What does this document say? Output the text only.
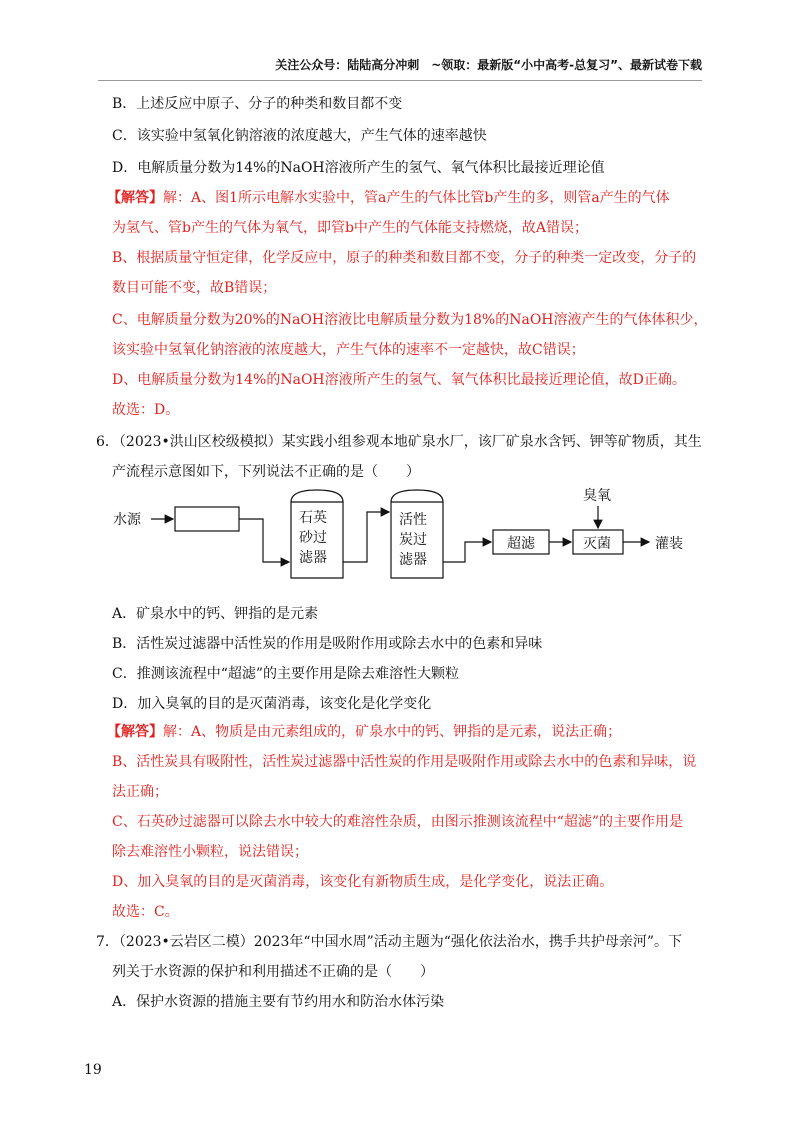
关注公众号：陆陆高分冲刺　~领取：最新版“小中高考-总复习”、最新试卷下载
B．上述反应中原子、分子的种类和数目都不变
C．该实验中氢氧化钠溶液的浓度越大，产生气体的速率越快
D．电解质量分数为14%的NaOH溶液所产生的氢气、氧气体积比最接近理论值
【解答】解：A、图1所示电解水实验中，管a产生的气体比管b产生的多，则管a产生的气体
为氢气、管b产生的气体为氧气，即管b中产生的气体能支持燃烧，故A错误；
B、根据质量守恒定律，化学反应中，原子的种类和数目都不变，分子的种类一定改变，分子的
数目可能不变，故B错误；
C、电解质量分数为20%的NaOH溶液比电解质量分数为18%的NaOH溶液产生的气体体积少，
该实验中氢氧化钠溶液的浓度越大，产生气体的速率不一定越快，故C错误；
D、电解质量分数为14%的NaOH溶液所产生的氢气、氧气体积比最接近理论值，故D正确。
故选：D。
6．（2023•洪山区校级模拟）某实践小组参观本地矿泉水厂，该厂矿泉水含钙、钾等矿物质，其生
产流程示意图如下，下列说法不正确的是（　　）
水源	石英
砂过
滤器
活性
炭过
滤器
超滤	灭菌
臭氧
灌装
A．矿泉水中的钙、钾指的是元素
B．活性炭过滤器中活性炭的作用是吸附作用或除去水中的色素和异味
C．推测该流程中“超滤”的主要作用是除去难溶性大颗粒
D．加入臭氧的目的是灭菌消毒，该变化是化学变化
【解答】解：A、物质是由元素组成的，矿泉水中的钙、钾指的是元素，说法正确；
B、活性炭具有吸附性，活性炭过滤器中活性炭的作用是吸附作用或除去水中的色素和异味，说
法正确；
C、石英砂过滤器可以除去水中较大的难溶性杂质，由图示推测该流程中“超滤”的主要作用是
除去难溶性小颗粒，说法错误；
D、加入臭氧的目的是灭菌消毒，该变化有新物质生成，是化学变化，说法正确。
故选：C。
7．（2023•云岩区二模）2023年“中国水周”活动主题为“强化依法治水，携手共护母亲河”。下
列关于水资源的保护和利用描述不正确的是（　　）
A．保护水资源的措施主要有节约用水和防治水体污染
19
